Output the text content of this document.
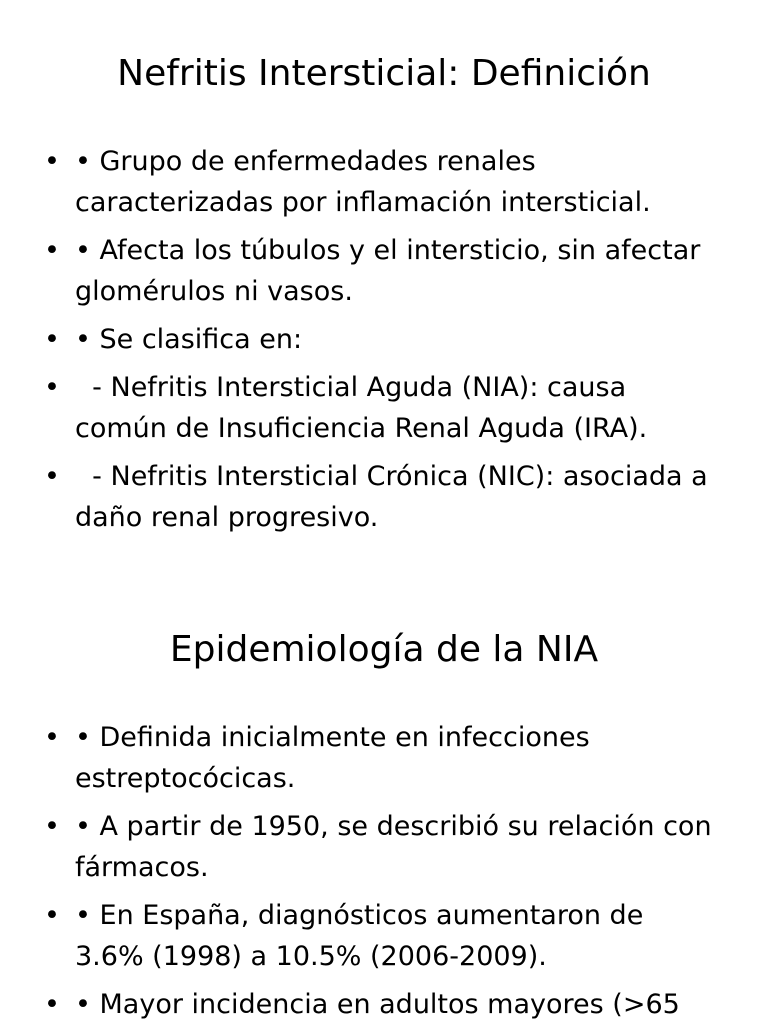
Nefritis Intersticial: Definición
• • Grupo de enfermedades renales caracterizadas por inflamación intersticial.
• • Afecta los túbulos y el intersticio, sin afectar glomérulos ni vasos.
• • Se clasifica en:
• - Nefritis Intersticial Aguda (NIA): causa común de Insuficiencia Renal Aguda (IRA).
• - Nefritis Intersticial Crónica (NIC): asociada a daño renal progresivo.
Epidemiología de la NIA
• • Definida inicialmente en infecciones estreptocócicas.
• • A partir de 1950, se describió su relación con fármacos.
• • En España, diagnósticos aumentaron de 3.6% (1998) a 10.5% (2006-2009).
• • Mayor incidencia en adultos mayores (>65
